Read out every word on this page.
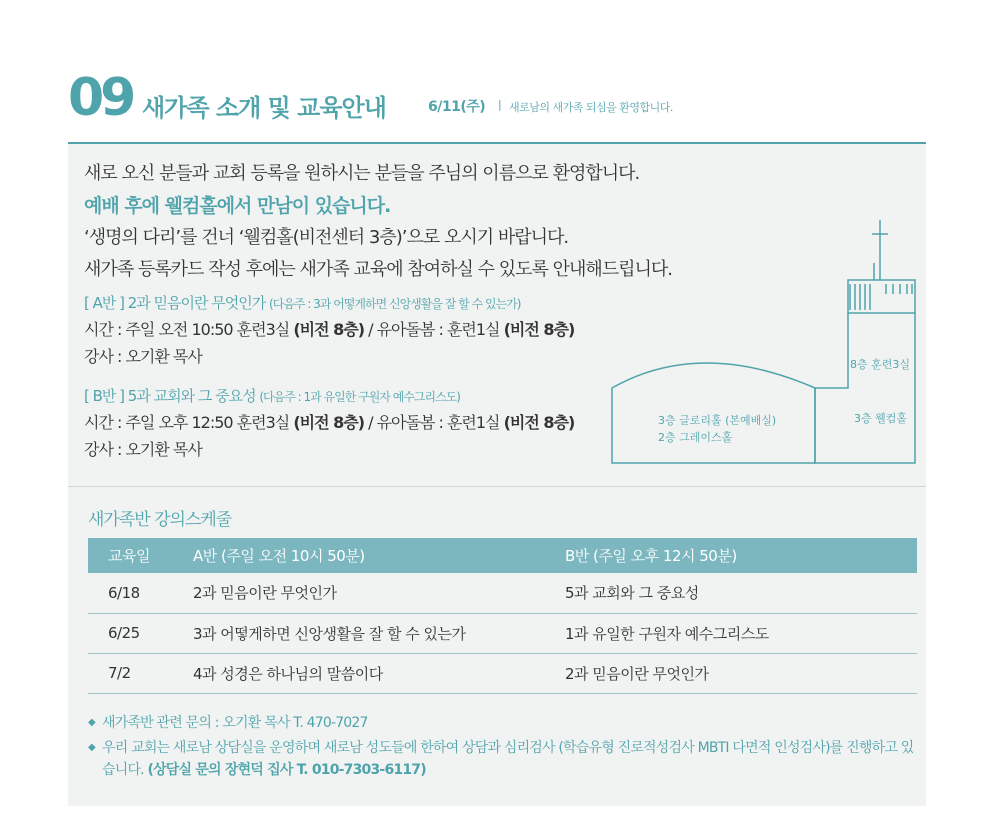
09 새가족 소개 및 교육안내	6/11(주) | 새로남의 새가족 되심을 환영합니다.

새로 오신 분들과 교회 등록을 원하시는 분들을 주님의 이름으로 환영합니다.

예배 후에 웰컴홀에서 만남이 있습니다.

‘생명의 다리’를 건너 ‘웰컴홀(비전센터 3층)’으로 오시기 바랍니다.

새가족 등록카드 작성 후에는 새가족 교육에 참여하실 수 있도록 안내해드립니다.

[ A반 ] 2과 믿음이란 무엇인가 (다음주 : 3과 어떻게하면 신앙생활을 잘 할 수 있는가)
시간 : 주일 오전 10:50 훈련3실 (비전 8층) / 유아돌봄 : 훈련1실 (비전 8층)
강사 : 오기환 목사
[ B반 ] 5과 교회와 그 중요성 (다음주 : 1과 유일한 구원자 예수그리스도)
시간 : 주일 오후 12:50 훈련3실 (비전 8층) / 유아돌봄 : 훈련1실 (비전 8층)
강사 : 오기환 목사
8층 훈련3실
3층 웰컴홀
3층 글로리홀 (본예배실)
2층 그레이스홀
새가족반 강의스케줄
교육일	A반 (주일 오전 10시 50분)	B반 (주일 오후 12시 50분)
6/18	2과 믿음이란 무엇인가	5과 교회와 그 중요성
6/25	3과 어떻게하면 신앙생활을 잘 할 수 있는가	1과 유일한 구원자 예수그리스도
7/2	4과 성경은 하나님의 말씀이다	2과 믿음이란 무엇인가
◆ 새가족반 관련 문의 : 오기환 목사 T. 470-7027
◆ 우리 교회는 새로남 상담실을 운영하며 새로남 성도들에 한하여 상담과 심리검사 (학습유형 진로적성검사 MBTI 다면적 인성검사)를 진행하고 있습니다. (상담실 문의 장현덕 집사 T. 010-7303-6117)
